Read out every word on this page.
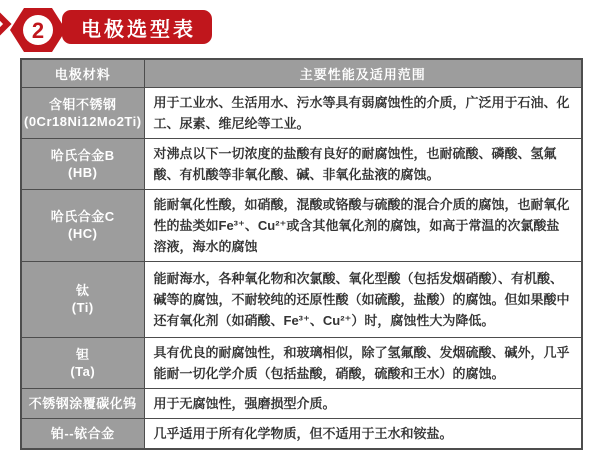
2	电极选型表
电极材料	主要性能及适用范围
含钼不锈钢
(0Cr18Ni12Mo2Ti)	用于工业水、生活用水、污水等具有弱腐蚀性的介质，广泛用于石油、化工、尿素、维尼纶等工业。
哈氏合金B
(HB)	对沸点以下一切浓度的盐酸有良好的耐腐蚀性，也耐硫酸、磷酸、氢氟酸、有机酸等非氧化酸、碱、非氧化盐液的腐蚀。
哈氏合金C
(HC)	能耐氧化性酸，如硝酸，混酸或铬酸与硫酸的混合介质的腐蚀，也耐氧化性的盐类如Fe³⁺、Cu²⁺或含其他氧化剂的腐蚀，如高于常温的次氯酸盐溶液，海水的腐蚀
钛
(Ti)	能耐海水，各种氧化物和次氯酸、氧化型酸（包括发烟硝酸）、有机酸、碱等的腐蚀，不耐较纯的还原性酸（如硫酸，盐酸）的腐蚀。但如果酸中还有氧化剂（如硝酸、Fe³⁺、Cu²⁺）时，腐蚀性大为降低。
钽
(Ta)	具有优良的耐腐蚀性，和玻璃相似，除了氢氟酸、发烟硫酸、碱外，几乎能耐一切化学介质（包括盐酸，硝酸，硫酸和王水）的腐蚀。
不锈钢涂覆碳化钨	用于无腐蚀性，强磨损型介质。
铂--铱合金	几乎适用于所有化学物质，但不适用于王水和铵盐。
